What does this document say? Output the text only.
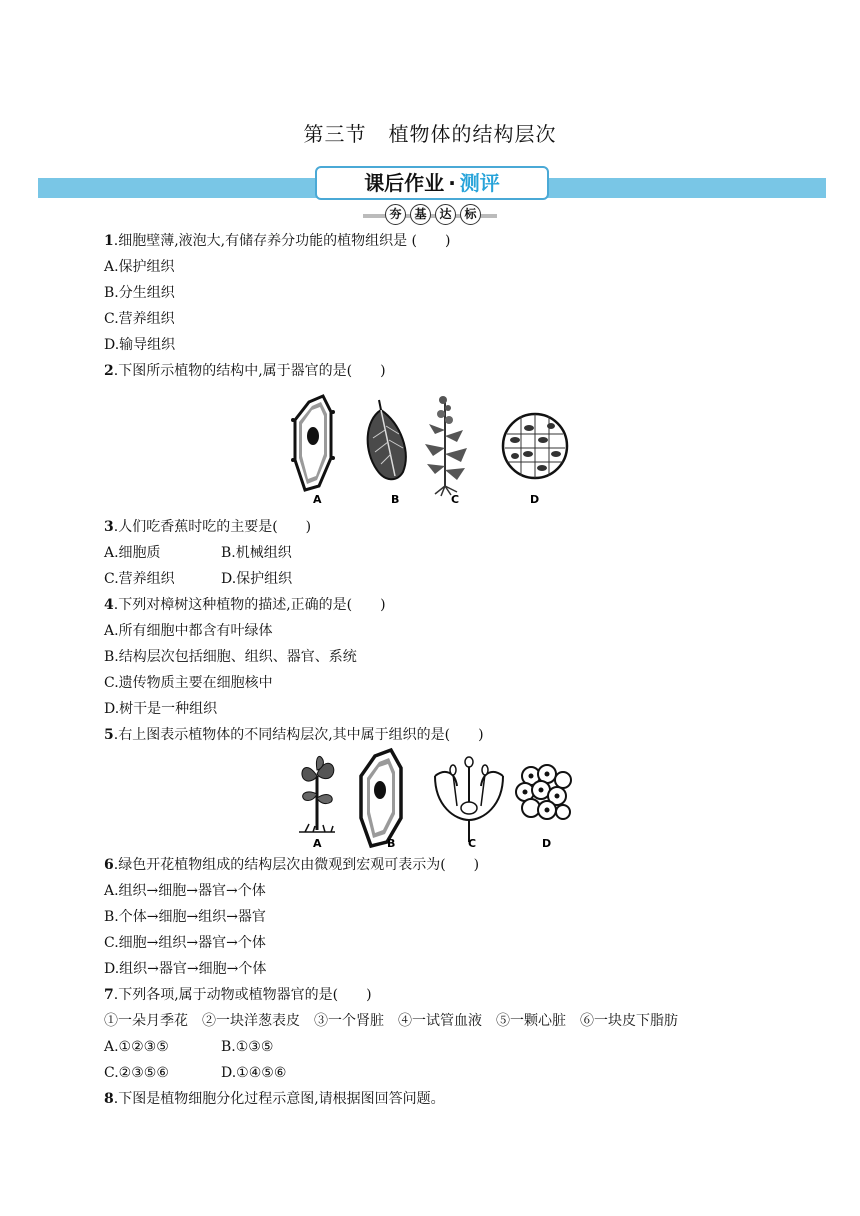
第三节 植物体的结构层次
课后作业 · 测评
夯	基	达	标
1.细胞壁薄,液泡大,有储存养分功能的植物组织是 (　　)
A.保护组织
B.分生组织
C.营养组织
D.输导组织
2.下图所示植物的结构中,属于器官的是(　　)
A	B	C	D
3.人们吃香蕉时吃的主要是(　　)
A.细胞质	B.机械组织
C.营养组织	D.保护组织
4.下列对樟树这种植物的描述,正确的是(　　)
A.所有细胞中都含有叶绿体
B.结构层次包括细胞、组织、器官、系统
C.遗传物质主要在细胞核中
D.树干是一种组织
5.右上图表示植物体的不同结构层次,其中属于组织的是(　　)
A	B	C	D
6.绿色开花植物组成的结构层次由微观到宏观可表示为(　　)
A.组织→细胞→器官→个体
B.个体→细胞→组织→器官
C.细胞→组织→器官→个体
D.组织→器官→细胞→个体
7.下列各项,属于动物或植物器官的是(　　)
①一朵月季花　②一块洋葱表皮　③一个肾脏　④一试管血液　⑤一颗心脏　⑥一块皮下脂肪
A.①②③⑤	B.①③⑤
C.②③⑤⑥	D.①④⑤⑥
8.下图是植物细胞分化过程示意图,请根据图回答问题。
